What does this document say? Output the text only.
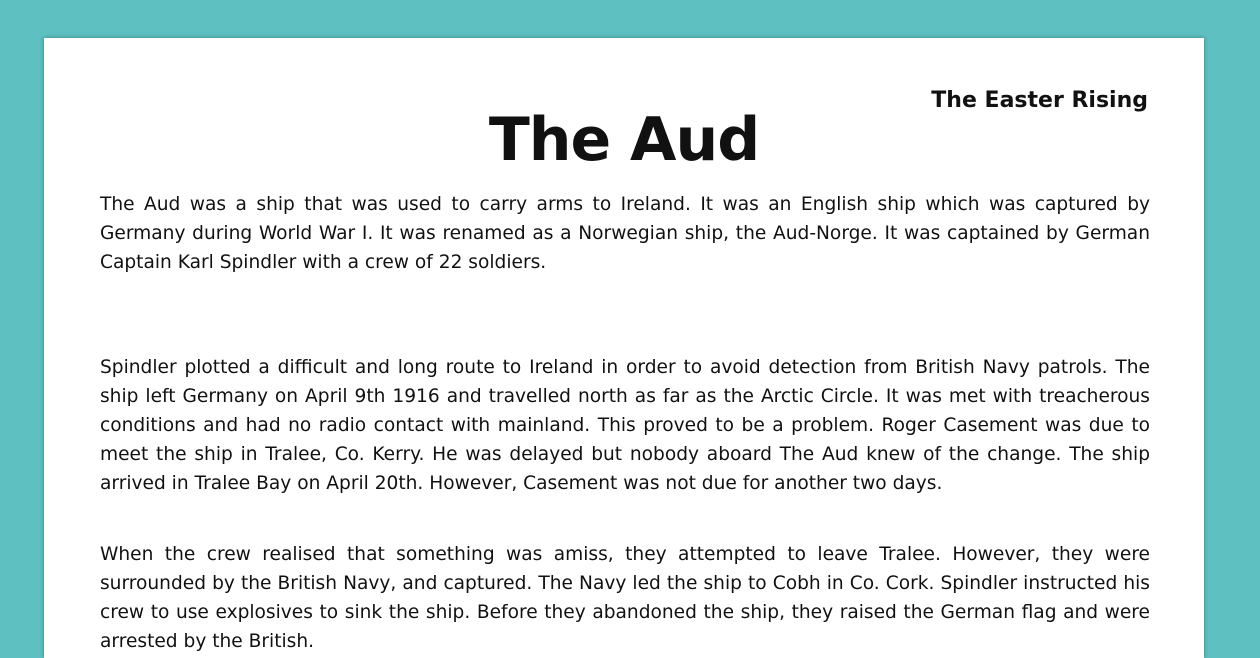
The Easter Rising
The Aud

The Aud was a ship that was used to carry arms to Ireland. It was an English ship which was captured by Germany during World War I. It was renamed as a Norwegian ship, the Aud-Norge. It was captained by German Captain Karl Spindler with a crew of 22 soldiers.

Spindler plotted a difficult and long route to Ireland in order to avoid detection from British Navy patrols. The ship left Germany on April 9th 1916 and travelled north as far as the Arctic Circle. It was met with treacherous conditions and had no radio contact with mainland. This proved to be a problem. Roger Casement was due to meet the ship in Tralee, Co. Kerry. He was delayed but nobody aboard The Aud knew of the change. The ship arrived in Tralee Bay on April 20th. However, Casement was not due for another two days.

When the crew realised that something was amiss, they attempted to leave Tralee. However, they were surrounded by the British Navy, and captured. The Navy led the ship to Cobh in Co. Cork. Spindler instructed his crew to use explosives to sink the ship. Before they abandoned the ship, they raised the German flag and were arrested by the British.
